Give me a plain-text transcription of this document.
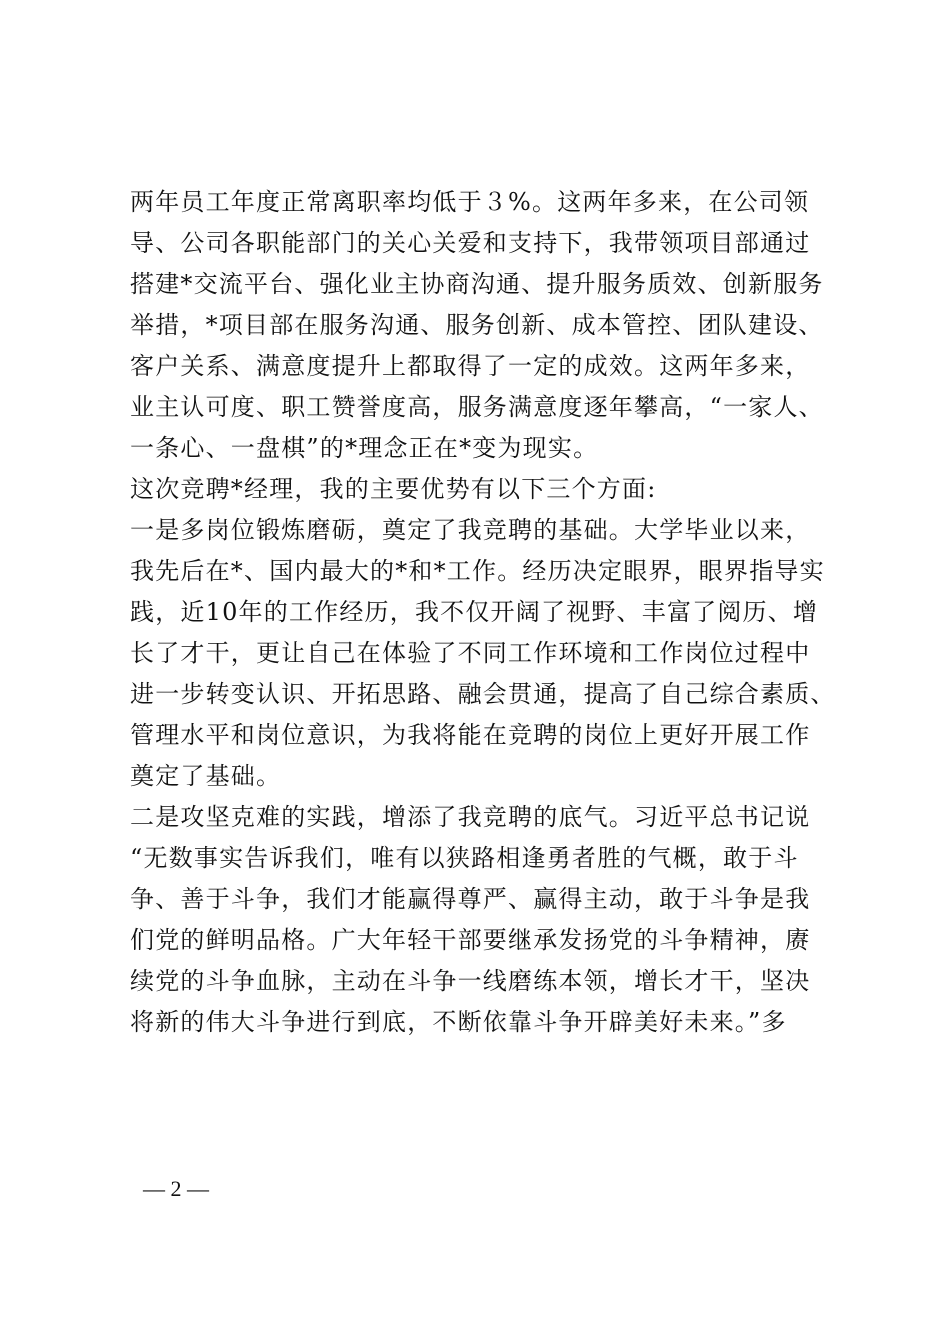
两年员工年度正常离职率均低于３%。这两年多来，在公司领
导、公司各职能部门的关心关爱和支持下，我带领项目部通过
搭建*交流平台、强化业主协商沟通、提升服务质效、创新服务
举措，*项目部在服务沟通、服务创新、成本管控、团队建设、
客户关系、满意度提升上都取得了一定的成效。这两年多来，
业主认可度、职工赞誉度高，服务满意度逐年攀高，“一家人、
一条心、一盘棋”的*理念正在*变为现实。
这次竞聘*经理，我的主要优势有以下三个方面:
一是多岗位锻炼磨砺，奠定了我竞聘的基础。大学毕业以来，
我先后在*、国内最大的*和*工作。经历决定眼界，眼界指导实
践，近10年的工作经历，我不仅开阔了视野、丰富了阅历、增
长了才干，更让自己在体验了不同工作环境和工作岗位过程中
进一步转变认识、开拓思路、融会贯通，提高了自己综合素质、
管理水平和岗位意识，为我将能在竞聘的岗位上更好开展工作
奠定了基础。
二是攻坚克难的实践，增添了我竞聘的底气。习近平总书记说
“无数事实告诉我们，唯有以狭路相逢勇者胜的气概，敢于斗
争、善于斗争，我们才能赢得尊严、赢得主动，敢于斗争是我
们党的鲜明品格。广大年轻干部要继承发扬党的斗争精神，赓
续党的斗争血脉，主动在斗争一线磨练本领，增长才干，坚决
将新的伟大斗争进行到底，不断依靠斗争开辟美好未来。”多
— 2 —
